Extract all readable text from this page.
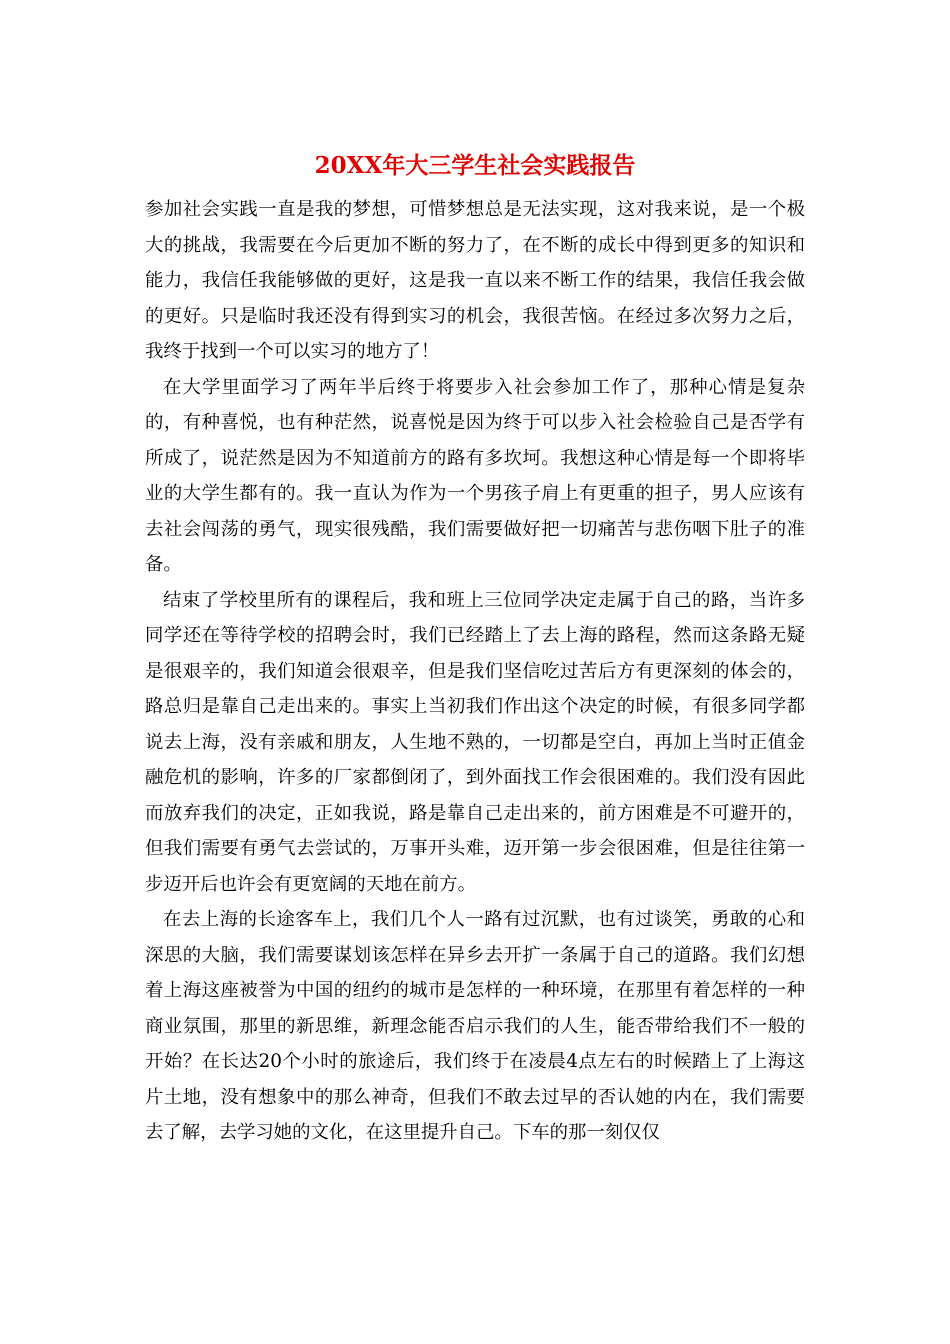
20XX年大三学生社会实践报告

参加社会实践一直是我的梦想，可惜梦想总是无法实现，这对我来说，是一个极大的挑战，我需要在今后更加不断的努力了，在不断的成长中得到更多的知识和能力，我信任我能够做的更好，这是我一直以来不断工作的结果，我信任我会做的更好。只是临时我还没有得到实习的机会，我很苦恼。在经过多次努力之后，我终于找到一个可以实习的地方了！

在大学里面学习了两年半后终于将要步入社会参加工作了，那种心情是复杂的，有种喜悦，也有种茫然，说喜悦是因为终于可以步入社会检验自己是否学有所成了，说茫然是因为不知道前方的路有多坎坷。我想这种心情是每一个即将毕业的大学生都有的。我一直认为作为一个男孩子肩上有更重的担子，男人应该有去社会闯荡的勇气，现实很残酷，我们需要做好把一切痛苦与悲伤咽下肚子的准备。

结束了学校里所有的课程后，我和班上三位同学决定走属于自己的路，当许多同学还在等待学校的招聘会时，我们已经踏上了去上海的路程，然而这条路无疑是很艰辛的，我们知道会很艰辛，但是我们坚信吃过苦后方有更深刻的体会的，路总归是靠自己走出来的。事实上当初我们作出这个决定的时候，有很多同学都说去上海，没有亲戚和朋友，人生地不熟的，一切都是空白，再加上当时正值金融危机的影响，许多的厂家都倒闭了，到外面找工作会很困难的。我们没有因此而放弃我们的决定，正如我说，路是靠自己走出来的，前方困难是不可避开的，但我们需要有勇气去尝试的，万事开头难，迈开第一步会很困难，但是往往第一步迈开后也许会有更宽阔的天地在前方。

在去上海的长途客车上，我们几个人一路有过沉默，也有过谈笑，勇敢的心和深思的大脑，我们需要谋划该怎样在异乡去开扩一条属于自己的道路。我们幻想着上海这座被誉为中国的纽约的城市是怎样的一种环境，在那里有着怎样的一种商业氛围，那里的新思维，新理念能否启示我们的人生，能否带给我们不一般的开始？在长达20个小时的旅途后，我们终于在凌晨4点左右的时候踏上了上海这片土地，没有想象中的那么神奇，但我们不敢去过早的否认她的内在，我们需要去了解，去学习她的文化，在这里提升自己。下车的那一刻仅仅
